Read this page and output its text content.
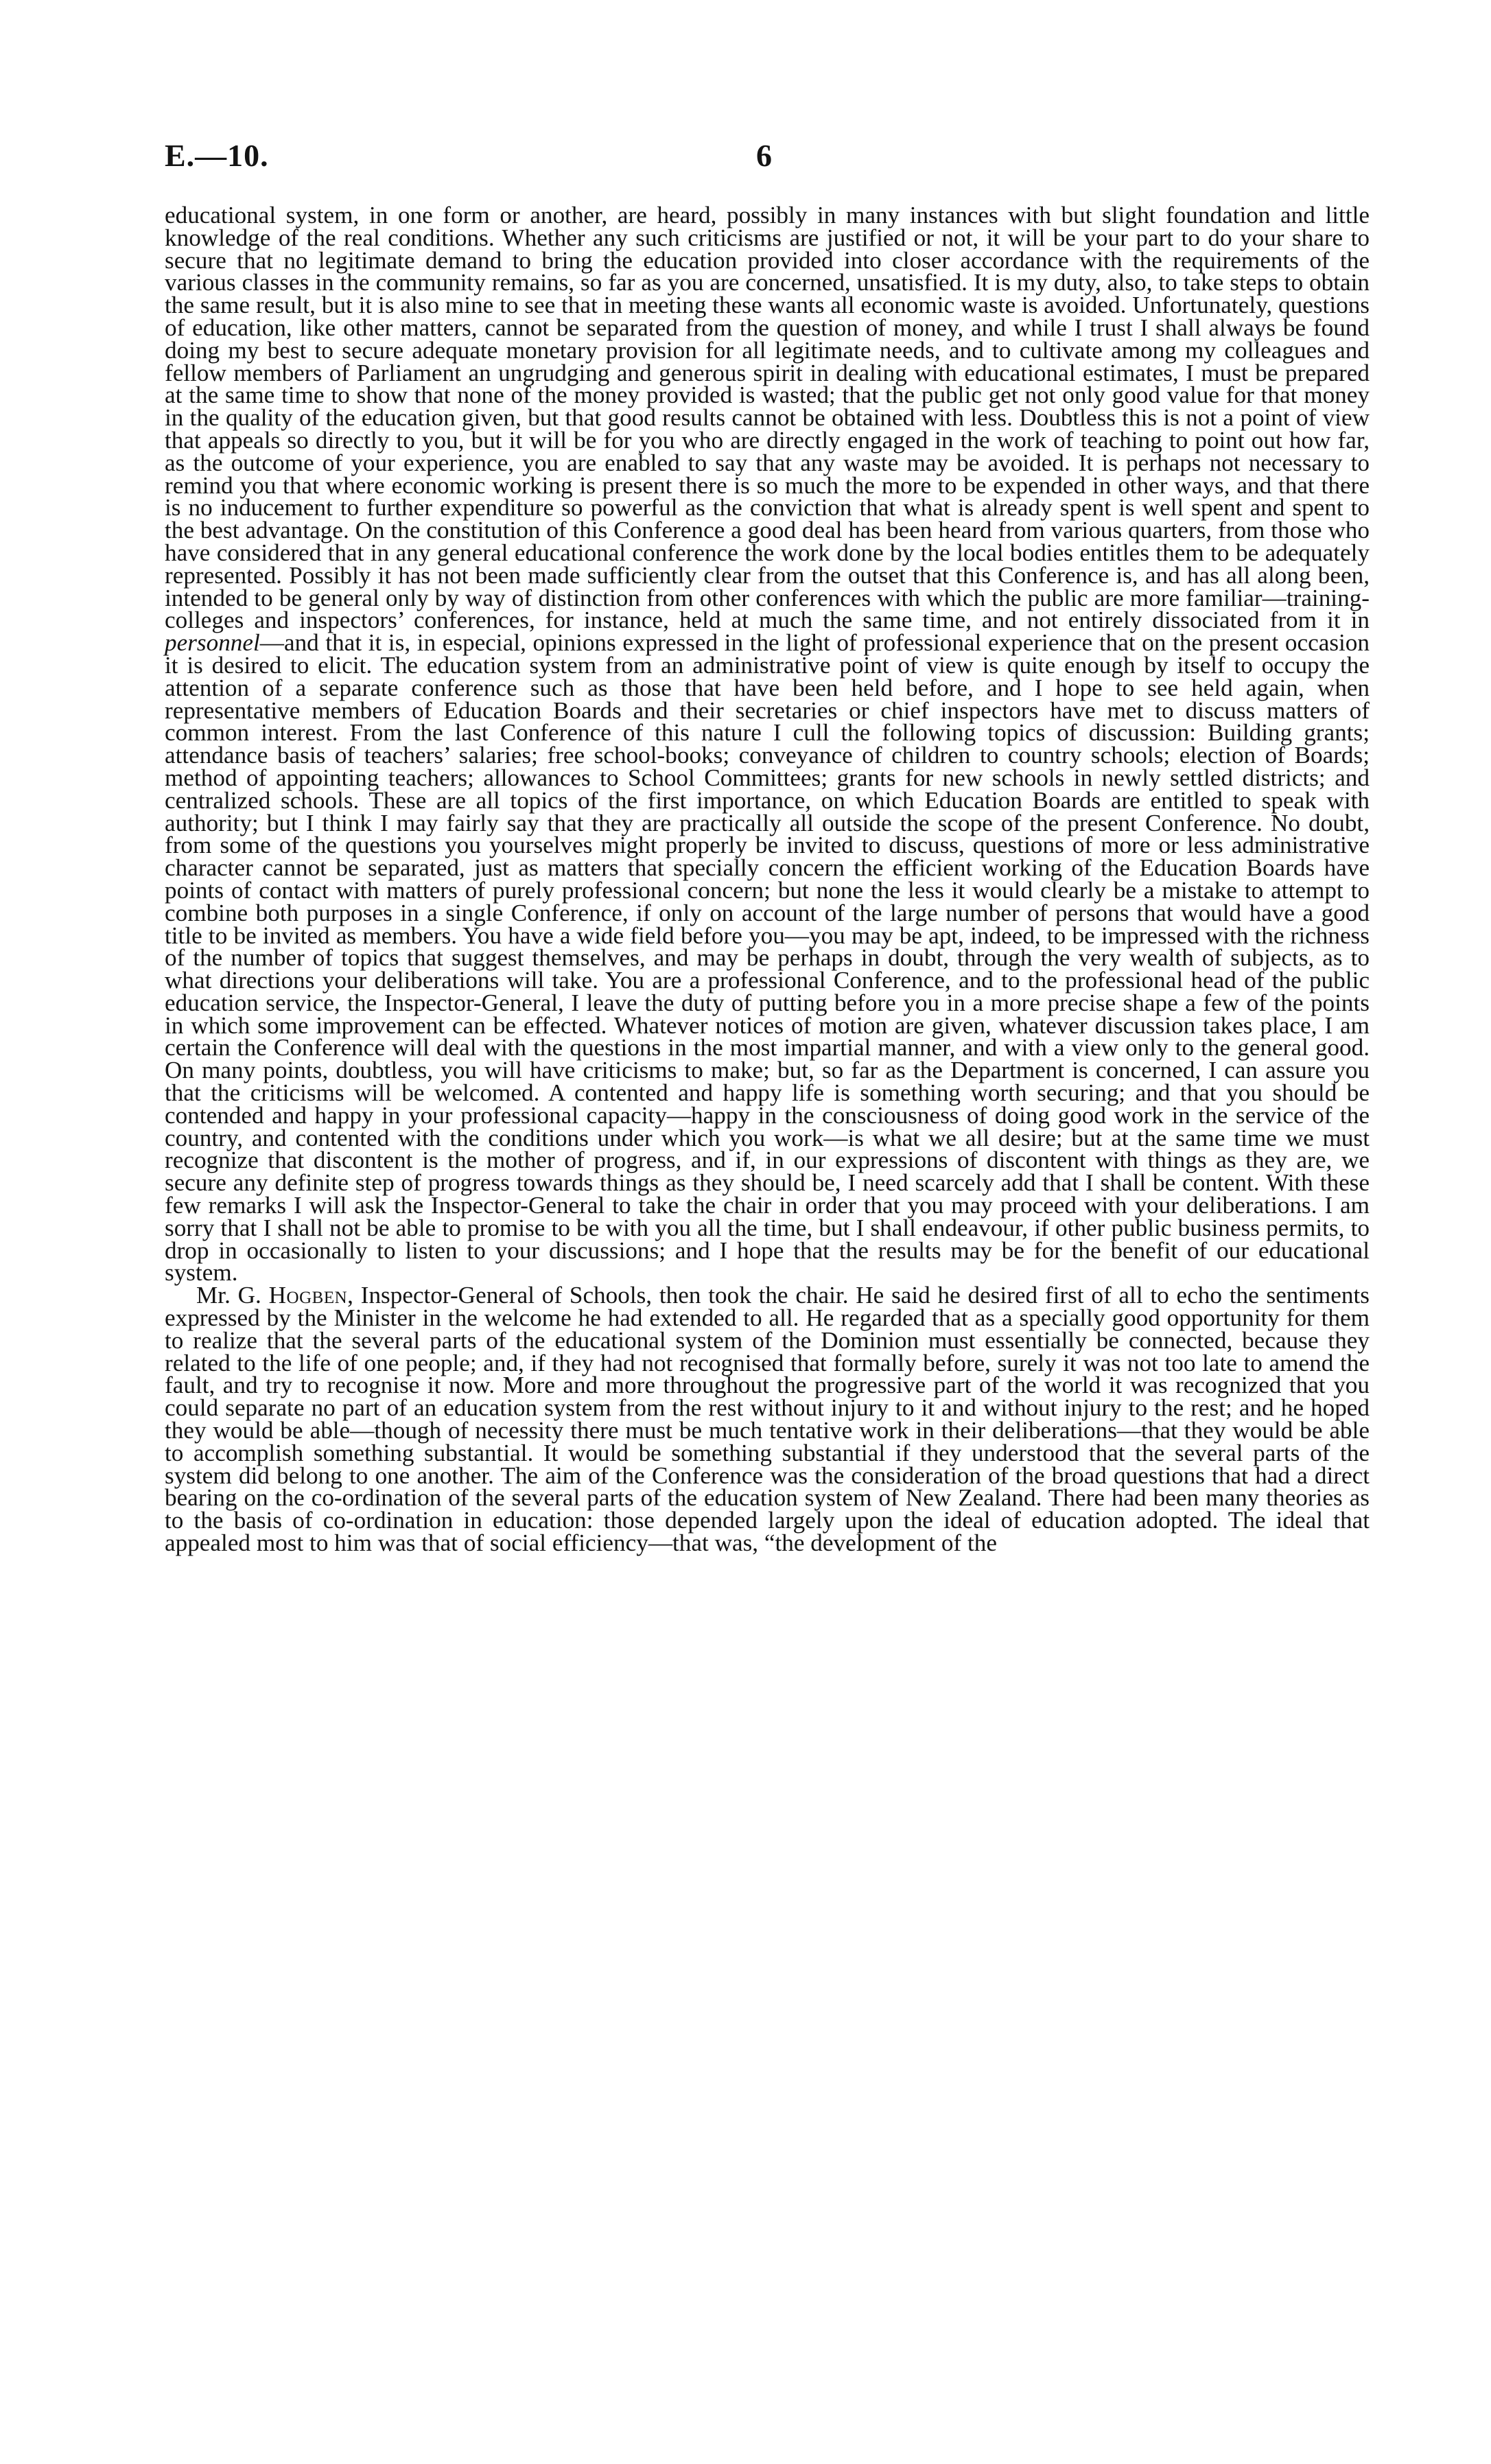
E.—10.	6

educational system, in one form or another, are heard, possibly in many instances with but slight foundation and little knowledge of the real conditions. Whether any such criticisms are justified or not, it will be your part to do your share to secure that no legitimate demand to bring the education provided into closer accordance with the requirements of the various classes in the community remains, so far as you are concerned, unsatisfied. It is my duty, also, to take steps to obtain the same result, but it is also mine to see that in meeting these wants all economic waste is avoided. Unfortunately, questions of education, like other matters, cannot be separated from the question of money, and while I trust I shall always be found doing my best to secure adequate monetary provision for all legitimate needs, and to cultivate among my colleagues and fellow members of Parliament an ungrudging and generous spirit in dealing with educational estimates, I must be prepared at the same time to show that none of the money provided is wasted; that the public get not only good value for that money in the quality of the education given, but that good results cannot be obtained with less. Doubtless this is not a point of view that appeals so directly to you, but it will be for you who are directly engaged in the work of teaching to point out how far, as the outcome of your experience, you are enabled to say that any waste may be avoided. It is perhaps not necessary to remind you that where economic working is present there is so much the more to be expended in other ways, and that there is no inducement to further expenditure so powerful as the conviction that what is already spent is well spent and spent to the best advantage. On the constitution of this Conference a good deal has been heard from various quarters, from those who have considered that in any general educational conference the work done by the local bodies entitles them to be adequately represented. Possibly it has not been made sufficiently clear from the outset that this Conference is, and has all along been, intended to be general only by way of distinction from other conferences with which the public are more familiar—training-colleges and inspectors’ conferences, for instance, held at much the same time, and not entirely dissociated from it in personnel—and that it is, in especial, opinions expressed in the light of professional experience that on the present occasion it is desired to elicit. The education system from an administrative point of view is quite enough by itself to occupy the attention of a separate conference such as those that have been held before, and I hope to see held again, when representative members of Education Boards and their secretaries or chief inspectors have met to discuss matters of common interest. From the last Conference of this nature I cull the following topics of discussion: Building grants; attendance basis of teachers’ salaries; free school-books; conveyance of children to country schools; election of Boards; method of appointing teachers; allowances to School Committees; grants for new schools in newly settled districts; and centralized schools. These are all topics of the first importance, on which Education Boards are entitled to speak with authority; but I think I may fairly say that they are practically all outside the scope of the present Conference. No doubt, from some of the questions you yourselves might properly be invited to discuss, questions of more or less administrative character cannot be separated, just as matters that specially concern the efficient working of the Education Boards have points of contact with matters of purely professional concern; but none the less it would clearly be a mistake to attempt to combine both purposes in a single Conference, if only on account of the large number of persons that would have a good title to be invited as members. You have a wide field before you—you may be apt, indeed, to be impressed with the richness of the number of topics that suggest themselves, and may be perhaps in doubt, through the very wealth of subjects, as to what directions your deliberations will take. You are a professional Conference, and to the professional head of the public education service, the Inspector-General, I leave the duty of putting before you in a more precise shape a few of the points in which some improvement can be effected. Whatever notices of motion are given, whatever discussion takes place, I am certain the Conference will deal with the questions in the most impartial manner, and with a view only to the general good. On many points, doubtless, you will have criticisms to make; but, so far as the Department is concerned, I can assure you that the criticisms will be welcomed. A contented and happy life is something worth securing; and that you should be contended and happy in your professional capacity—happy in the consciousness of doing good work in the service of the country, and contented with the conditions under which you work—is what we all desire; but at the same time we must recognize that discontent is the mother of progress, and if, in our expressions of discontent with things as they are, we secure any definite step of progress towards things as they should be, I need scarcely add that I shall be content. With these few remarks I will ask the Inspector-General to take the chair in order that you may proceed with your deliberations. I am sorry that I shall not be able to promise to be with you all the time, but I shall endeavour, if other public business permits, to drop in occasionally to listen to your discussions; and I hope that the results may be for the benefit of our educational system.

Mr. G. Hogben, Inspector-General of Schools, then took the chair. He said he desired first of all to echo the sentiments expressed by the Minister in the welcome he had extended to all. He regarded that as a specially good opportunity for them to realize that the several parts of the educational system of the Dominion must essentially be connected, because they related to the life of one people; and, if they had not recognised that formally before, surely it was not too late to amend the fault, and try to recognise it now. More and more throughout the progressive part of the world it was recognized that you could separate no part of an education system from the rest without injury to it and without injury to the rest; and he hoped they would be able—though of necessity there must be much tentative work in their deliberations—that they would be able to accomplish something substantial. It would be something substantial if they understood that the several parts of the system did belong to one another. The aim of the Conference was the consideration of the broad questions that had a direct bearing on the co-ordination of the several parts of the education system of New Zealand. There had been many theories as to the basis of co-ordination in education: those depended largely upon the ideal of education adopted. The ideal that appealed most to him was that of social efficiency—that was, “the development of the
